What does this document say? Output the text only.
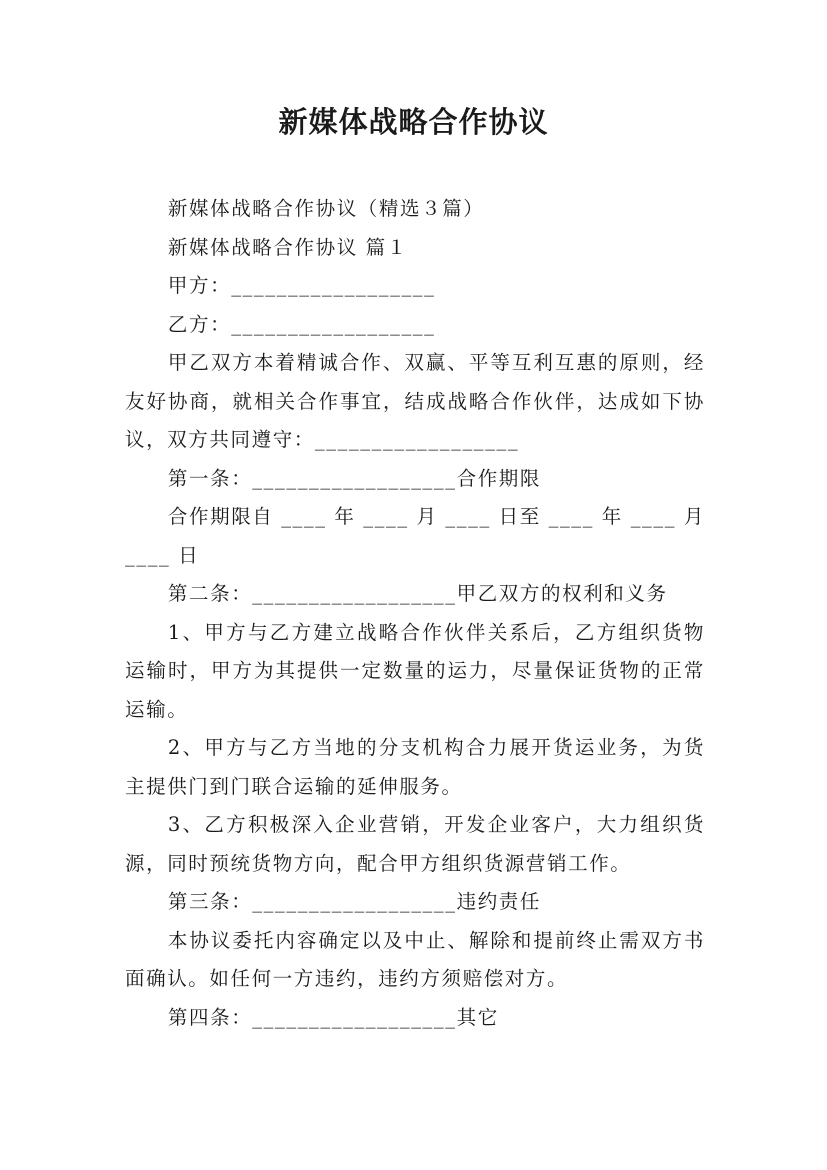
新媒体战略合作协议

新媒体战略合作协议（精选３篇）

新媒体战略合作协议 篇１

甲方：__________________

乙方：__________________

甲乙双方本着精诚合作、双赢、平等互利互惠的原则，经友好协商，就相关合作事宜，结成战略合作伙伴，达成如下协议，双方共同遵守：__________________

第一条：__________________合作期限

合作期限自 ____ 年 ____ 月 ____ 日至 ____ 年 ____ 月 ____ 日

第二条：__________________甲乙双方的权利和义务

1、甲方与乙方建立战略合作伙伴关系后，乙方组织货物运输时，甲方为其提供一定数量的运力，尽量保证货物的正常运输。

2、甲方与乙方当地的分支机构合力展开货运业务，为货主提供门到门联合运输的延伸服务。

3、乙方积极深入企业营销，开发企业客户，大力组织货源，同时预统货物方向，配合甲方组织货源营销工作。

第三条：__________________违约责任

本协议委托内容确定以及中止、解除和提前终止需双方书面确认。如任何一方违约，违约方须赔偿对方。

第四条：__________________其它
